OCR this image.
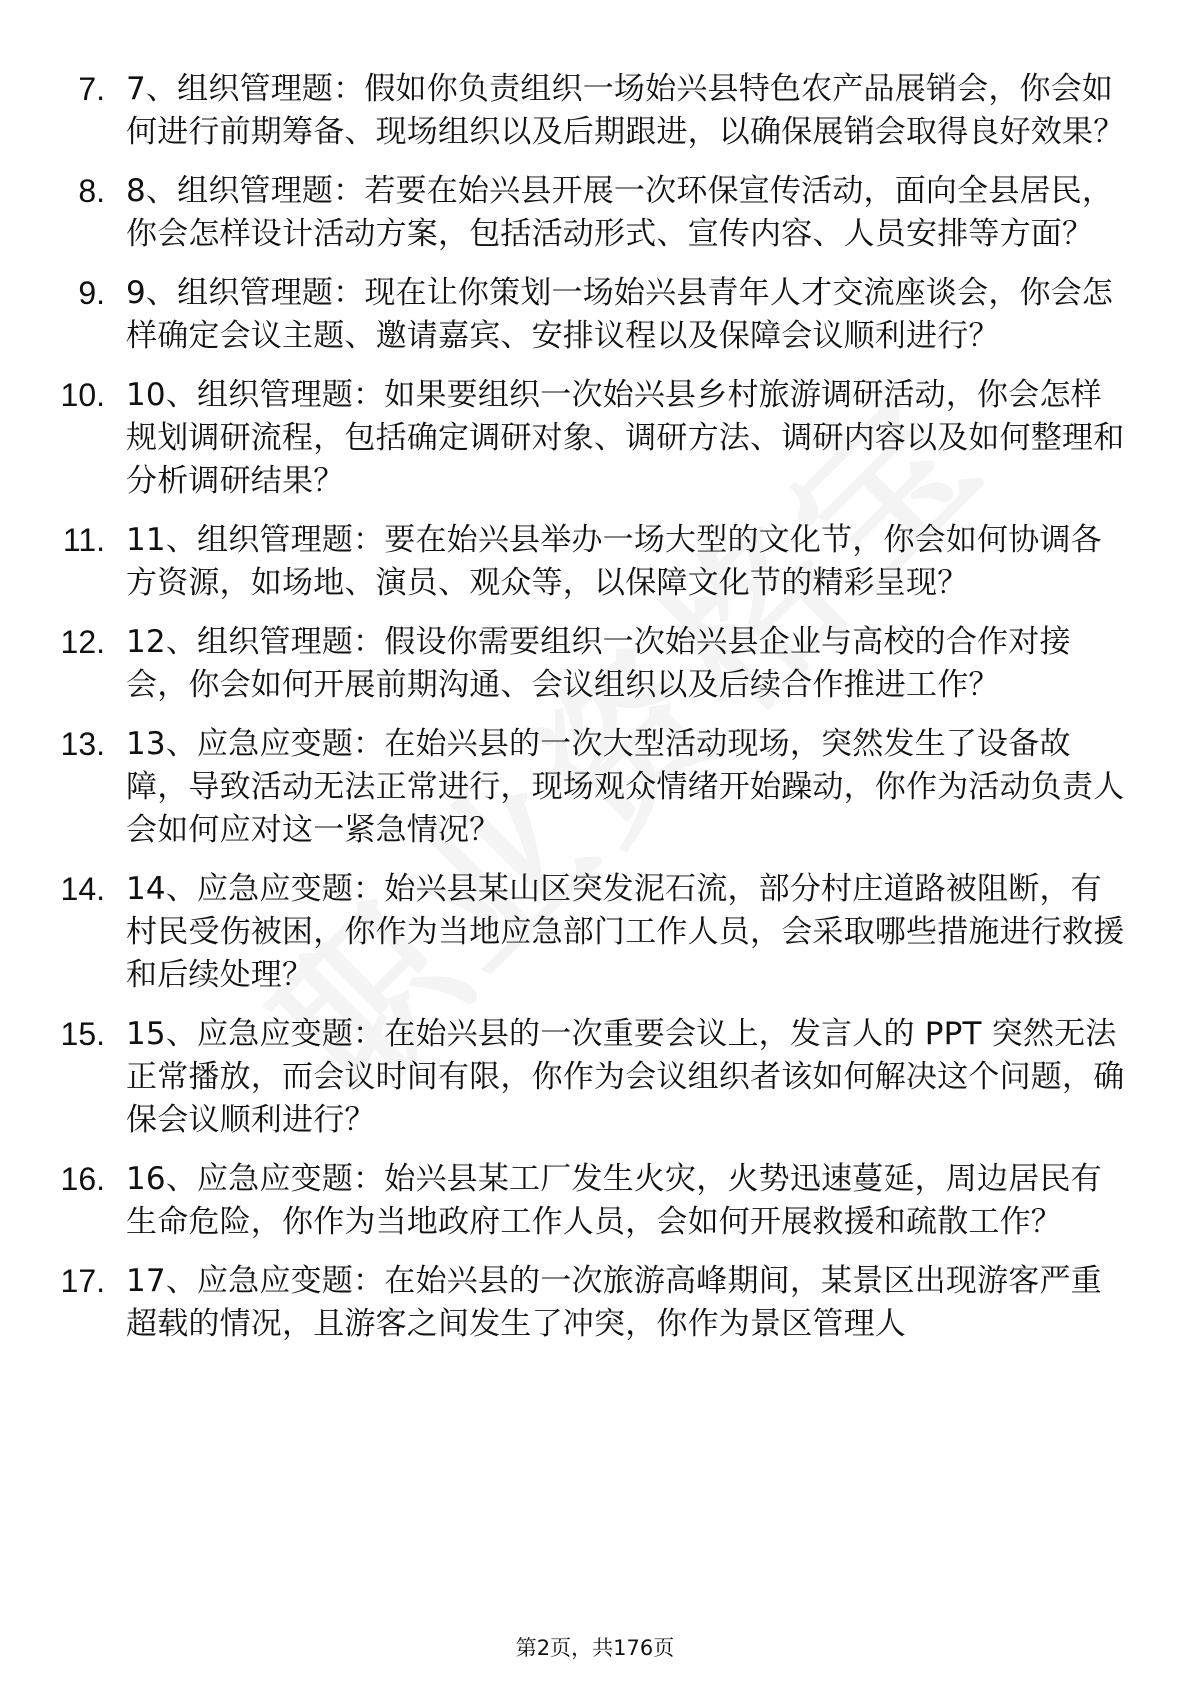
7. 7、组织管理题：假如你负责组织一场始兴县特色农产品展销会，你会如何进行前期筹备、现场组织以及后期跟进，以确保展销会取得良好效果？
8. 8、组织管理题：若要在始兴县开展一次环保宣传活动，面向全县居民，你会怎样设计活动方案，包括活动形式、宣传内容、人员安排等方面？
9. 9、组织管理题：现在让你策划一场始兴县青年人才交流座谈会，你会怎样确定会议主题、邀请嘉宾、安排议程以及保障会议顺利进行？
10. 10、组织管理题：如果要组织一次始兴县乡村旅游调研活动，你会怎样规划调研流程，包括确定调研对象、调研方法、调研内容以及如何整理和分析调研结果？
11. 11、组织管理题：要在始兴县举办一场大型的文化节，你会如何协调各方资源，如场地、演员、观众等，以保障文化节的精彩呈现？
12. 12、组织管理题：假设你需要组织一次始兴县企业与高校的合作对接会，你会如何开展前期沟通、会议组织以及后续合作推进工作？
13. 13、应急应变题：在始兴县的一次大型活动现场，突然发生了设备故障，导致活动无法正常进行，现场观众情绪开始躁动，你作为活动负责人会如何应对这一紧急情况？
14. 14、应急应变题：始兴县某山区突发泥石流，部分村庄道路被阻断，有村民受伤被困，你作为当地应急部门工作人员，会采取哪些措施进行救援和后续处理？
15. 15、应急应变题：在始兴县的一次重要会议上，发言人的 PPT 突然无法正常播放，而会议时间有限，你作为会议组织者该如何解决这个问题，确保会议顺利进行？
16. 16、应急应变题：始兴县某工厂发生火灾，火势迅速蔓延，周边居民有生命危险，你作为当地政府工作人员，会如何开展救援和疏散工作？
17. 17、应急应变题：在始兴县的一次旅游高峰期间，某景区出现游客严重超载的情况，且游客之间发生了冲突，你作为景区管理人
第2页，共176页
